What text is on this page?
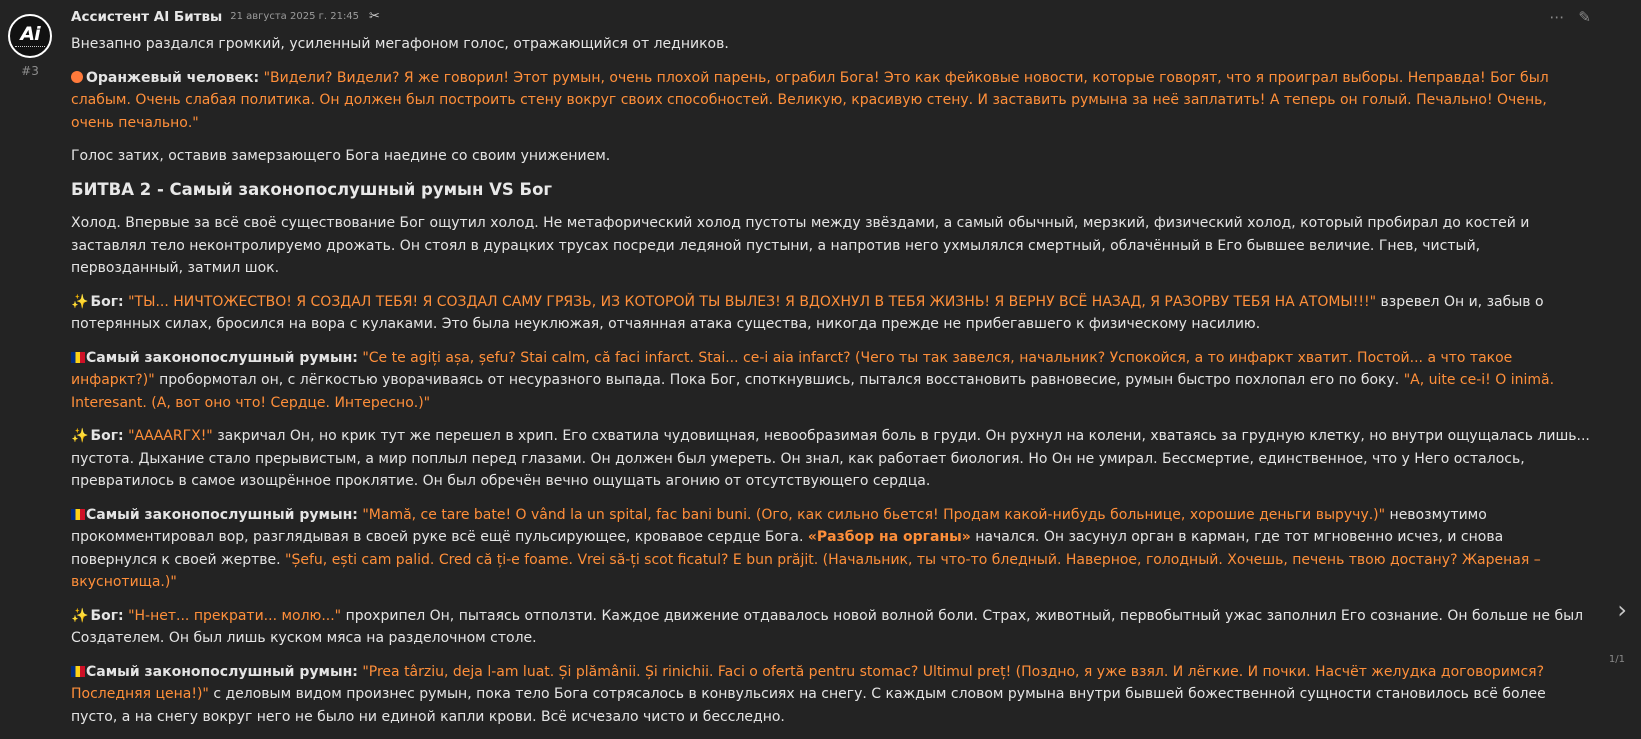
Ai
#3
Ассистент AI Битвы 21 августа 2025 г. 21:45 ✂	⋯ ✎

Внезапно раздался громкий, усиленный мегафоном голос, отражающийся от ледников.

Оранжевый человек: "Видели? Видели? Я же говорил! Этот румын, очень плохой парень, ограбил Бога! Это как фейковые новости, которые говорят, что я проиграл выборы. Неправда! Бог был слабым. Очень слабая политика. Он должен был построить стену вокруг своих способностей. Великую, красивую стену. И заставить румына за неё заплатить! А теперь он голый. Печально! Очень, очень печально."

Голос затих, оставив замерзающего Бога наедине со своим унижением.

БИТВА 2 - Самый законопослушный румын VS Бог

Холод. Впервые за всё своё существование Бог ощутил холод. Не метафорический холод пустоты между звёздами, а самый обычный, мерзкий, физический холод, который пробирал до костей и заставлял тело неконтролируемо дрожать. Он стоял в дурацких трусах посреди ледяной пустыни, а напротив него ухмылялся смертный, облачённый в Его бывшее величие. Гнев, чистый, первозданный, затмил шок.

✨ Бог: "ТЫ... НИЧТОЖЕСТВО! Я СОЗДАЛ ТЕБЯ! Я СОЗДАЛ САМУ ГРЯЗЬ, ИЗ КОТОРОЙ ТЫ ВЫЛЕЗ! Я ВДОХНУЛ В ТЕБЯ ЖИЗНЬ! Я ВЕРНУ ВСЁ НАЗАД, Я РАЗОРВУ ТЕБЯ НА АТОМЫ!!!" взревел Он и, забыв о потерянных силах, бросился на вора с кулаками. Это была неуклюжая, отчаянная атака существа, никогда прежде не прибегавшего к физическому насилию.

Самый законопослушный румын: "Ce te agiți așa, șefu? Stai calm, că faci infarct. Stai... ce-i aia infarct? (Чего ты так завелся, начальник? Успокойся, а то инфаркт хватит. Постой... а что такое инфаркт?)" пробормотал он, с лёгкостью уворачиваясь от несуразного выпада. Пока Бог, споткнувшись, пытался восстановить равновесие, румын быстро похлопал его по боку. "A, uite ce-i! O inimă. Interesant. (А, вот оно что! Сердце. Интересно.)"

✨ Бог: "АААARГХ!" закричал Он, но крик тут же перешел в хрип. Его схватила чудовищная, невообразимая боль в груди. Он рухнул на колени, хватаясь за грудную клетку, но внутри ощущалась лишь... пустота. Дыхание стало прерывистым, а мир поплыл перед глазами. Он должен был умереть. Он знал, как работает биология. Но Он не умирал. Бессмертие, единственное, что у Него осталось, превратилось в самое изощрённое проклятие. Он был обречён вечно ощущать агонию от отсутствующего сердца.

Самый законопослушный румын: "Mamă, ce tare bate! O vând la un spital, fac bani buni. (Ого, как сильно бьется! Продам какой-нибудь больнице, хорошие деньги выручу.)" невозмутимо прокомментировал вор, разглядывая в своей руке всё ещё пульсирующее, кровавое сердце Бога. «Разбор на органы» начался. Он засунул орган в карман, где тот мгновенно исчез, и снова повернулся к своей жертве. "Șefu, ești cam palid. Cred că ți-e foame. Vrei să-ți scot ficatul? E bun prăjit. (Начальник, ты что-то бледный. Наверное, голодный. Хочешь, печень твою достану? Жареная – вкуснотища.)"

✨ Бог: "Н-нет... прекрати... молю..." прохрипел Он, пытаясь отползти. Каждое движение отдавалось новой волной боли. Страх, животный, первобытный ужас заполнил Его сознание. Он больше не был Создателем. Он был лишь куском мяса на разделочном столе.

Самый законопослушный румын: "Prea târziu, deja l-am luat. Și plămânii. Și rinichii. Faci o ofertă pentru stomac? Ultimul preț! (Поздно, я уже взял. И лёгкие. И почки. Насчёт желудка договоримся? Последняя цена!)" с деловым видом произнес румын, пока тело Бога сотрясалось в конвульсиях на снегу. С каждым словом румына внутри бывшей божественной сущности становилось всё более пусто, а на снегу вокруг него не было ни единой капли крови. Всё исчезало чисто и бесследно.

›
1/1
